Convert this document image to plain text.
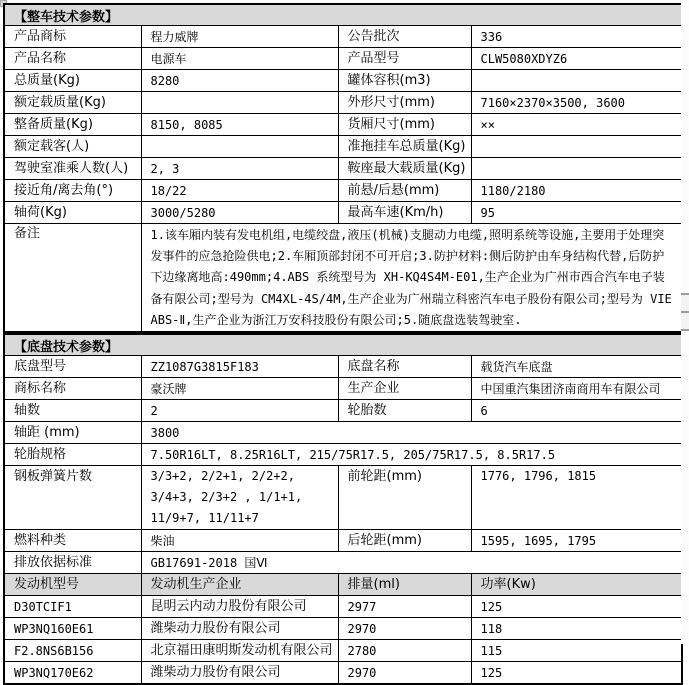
【整车技术参数】			
产品商标	程力威牌	公告批次	336
产品名称	电源车	产品型号	CLW5080XDYZ6
总质量(Kg)	8280	罐体容积(m3)	
额定载质量(Kg)		外形尺寸(mm)	7160×2370×3500, 3600
整备质量(Kg)	8150, 8085	货厢尺寸(mm)	××
额定载客(人)		准拖挂车总质量(Kg)	
驾驶室准乘人数(人)	2, 3	鞍座最大载质量(Kg)	
接近角/离去角(°)	18/22	前悬/后悬(mm)	1180/2180
轴荷(Kg)	3000/5280	最高车速(Km/h)	95
备注	1.该车厢内装有发电机组,电缆绞盘,液压(机械)支腿动力电缆,照明系统等设施,主要用于处理突发事件的应急抢险供电;2.车厢顶部封闭不可开启;3.防护材料:侧后防护由车身结构代替,后防护下边缘离地高:490mm;4.ABS 系统型号为 XH-KQ4S4M-E01,生产企业为广州市西合汽车电子装备有限公司;型号为 CM4XL-4S/4M,生产企业为广州瑞立科密汽车电子股份有限公司;型号为 VIE ABS-Ⅱ,生产企业为浙江万安科技股份有限公司;5.随底盘选装驾驶室.		
【底盘技术参数】			
底盘型号	ZZ1087G3815F183	底盘名称	载货汽车底盘
商标名称	豪沃牌	生产企业	中国重汽集团济南商用车有限公司
轴数	2	轮胎数	6
轴距 (mm)	3800		
轮胎规格	7.50R16LT, 8.25R16LT, 215/75R17.5, 205/75R17.5, 8.5R17.5		
钢板弹簧片数	3/3+2, 2/2+1, 2/2+2, 3/4+3, 2/3+2 , 1/1+1, 11/9+7, 11/11+7	前轮距(mm)	1776, 1796, 1815
燃料种类	柴油	后轮距(mm)	1595, 1695, 1795
排放依据标准	GB17691-2018 国Ⅵ		
发动机型号	发动机生产企业	排量(ml)	功率(Kw)
D30TCIF1	昆明云内动力股份有限公司	2977	125
WP3NQ160E61	潍柴动力股份有限公司	2970	118
F2.8NS6B156	北京福田康明斯发动机有限公司	2780	115
WP3NQ170E62	潍柴动力股份有限公司	2970	125
